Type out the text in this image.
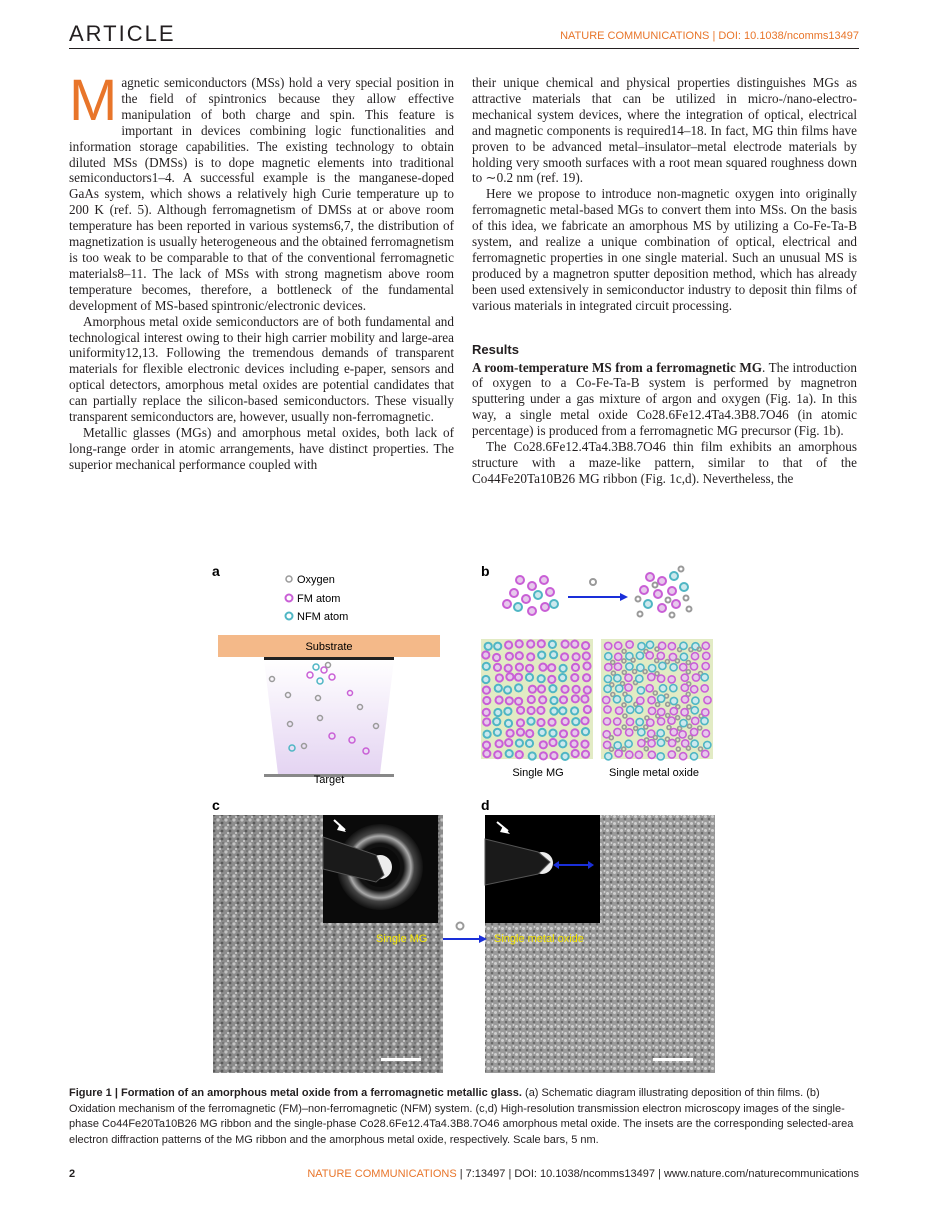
ARTICLE	NATURE COMMUNICATIONS | DOI: 10.1038/ncomms13497

Magnetic semiconductors (MSs) hold a very special position in the field of spintronics because they allow effective manipulation of both charge and spin. This feature is important in devices combining logic functionalities and information storage capabilities. The existing technology to obtain diluted MSs (DMSs) is to dope magnetic elements into traditional semiconductors1–4. A successful example is the manganese-doped GaAs system, which shows a relatively high Curie temperature up to 200 K (ref. 5). Although ferromagnetism of DMSs at or above room temperature has been reported in various systems6,7, the distribution of magnetization is usually heterogeneous and the obtained ferromagnetism is too weak to be comparable to that of the conventional ferromagnetic materials8–11. The lack of MSs with strong magnetism above room temperature becomes, therefore, a bottleneck of the fundamental development of MS-based spintronic/electronic devices.

Amorphous metal oxide semiconductors are of both fundamental and technological interest owing to their high carrier mobility and large-area uniformity12,13. Following the tremendous demands of transparent materials for flexible electronic devices including e-paper, sensors and optical detectors, amorphous metal oxides are potential candidates that can partially replace the silicon-based semiconductors. These visually transparent semiconductors are, however, usually non-ferromagnetic.

Metallic glasses (MGs) and amorphous metal oxides, both lack of long-range order in atomic arrangements, have distinct properties. The superior mechanical performance coupled with

their unique chemical and physical properties distinguishes MGs as attractive materials that can be utilized in micro-/nano-electro-mechanical system devices, where the integration of optical, electrical and magnetic components is required14–18. In fact, MG thin films have proven to be advanced metal–insulator–metal electrode materials by holding very smooth surfaces with a root mean squared roughness down to ∼0.2 nm (ref. 19).

Here we propose to introduce non-magnetic oxygen into originally ferromagnetic metal-based MGs to convert them into MSs. On the basis of this idea, we fabricate an amorphous MS by utilizing a Co-Fe-Ta-B system, and realize a unique combination of optical, electrical and ferromagnetic properties in one single material. Such an unusual MS is produced by a magnetron sputter deposition method, which has already been used extensively in semiconductor industry to deposit thin films of various materials in integrated circuit processing.

Results

A room-temperature MS from a ferromagnetic MG. The introduction of oxygen to a Co-Fe-Ta-B system is performed by magnetron sputtering under a gas mixture of argon and oxygen (Fig. 1a). In this way, a single metal oxide Co28.6Fe12.4Ta4.3B8.7O46 (in atomic percentage) is produced from a ferromagnetic MG precursor (Fig. 1b).

The Co28.6Fe12.4Ta4.3B8.7O46 thin film exhibits an amorphous structure with a maze-like pattern, similar to that of the Co44Fe20Ta10B26 MG ribbon (Fig. 1c,d). Nevertheless, the

a
Oxygen
FM atom
NFM atom
Substrate
Target
b
Single MG	Single metal oxide
c
Single MG
d
Single metal oxide
Figure 1 | Formation of an amorphous metal oxide from a ferromagnetic metallic glass. (a) Schematic diagram illustrating deposition of thin films. (b) Oxidation mechanism of the ferromagnetic (FM)–non-ferromagnetic (NFM) system. (c,d) High-resolution transmission electron microscopy images of the single-phase Co44Fe20Ta10B26 MG ribbon and the single-phase Co28.6Fe12.4Ta4.3B8.7O46 amorphous metal oxide. The insets are the corresponding selected-area electron diffraction patterns of the MG ribbon and the amorphous metal oxide, respectively. Scale bars, 5 nm.
2	NATURE COMMUNICATIONS | 7:13497 | DOI: 10.1038/ncomms13497 | www.nature.com/naturecommunications
